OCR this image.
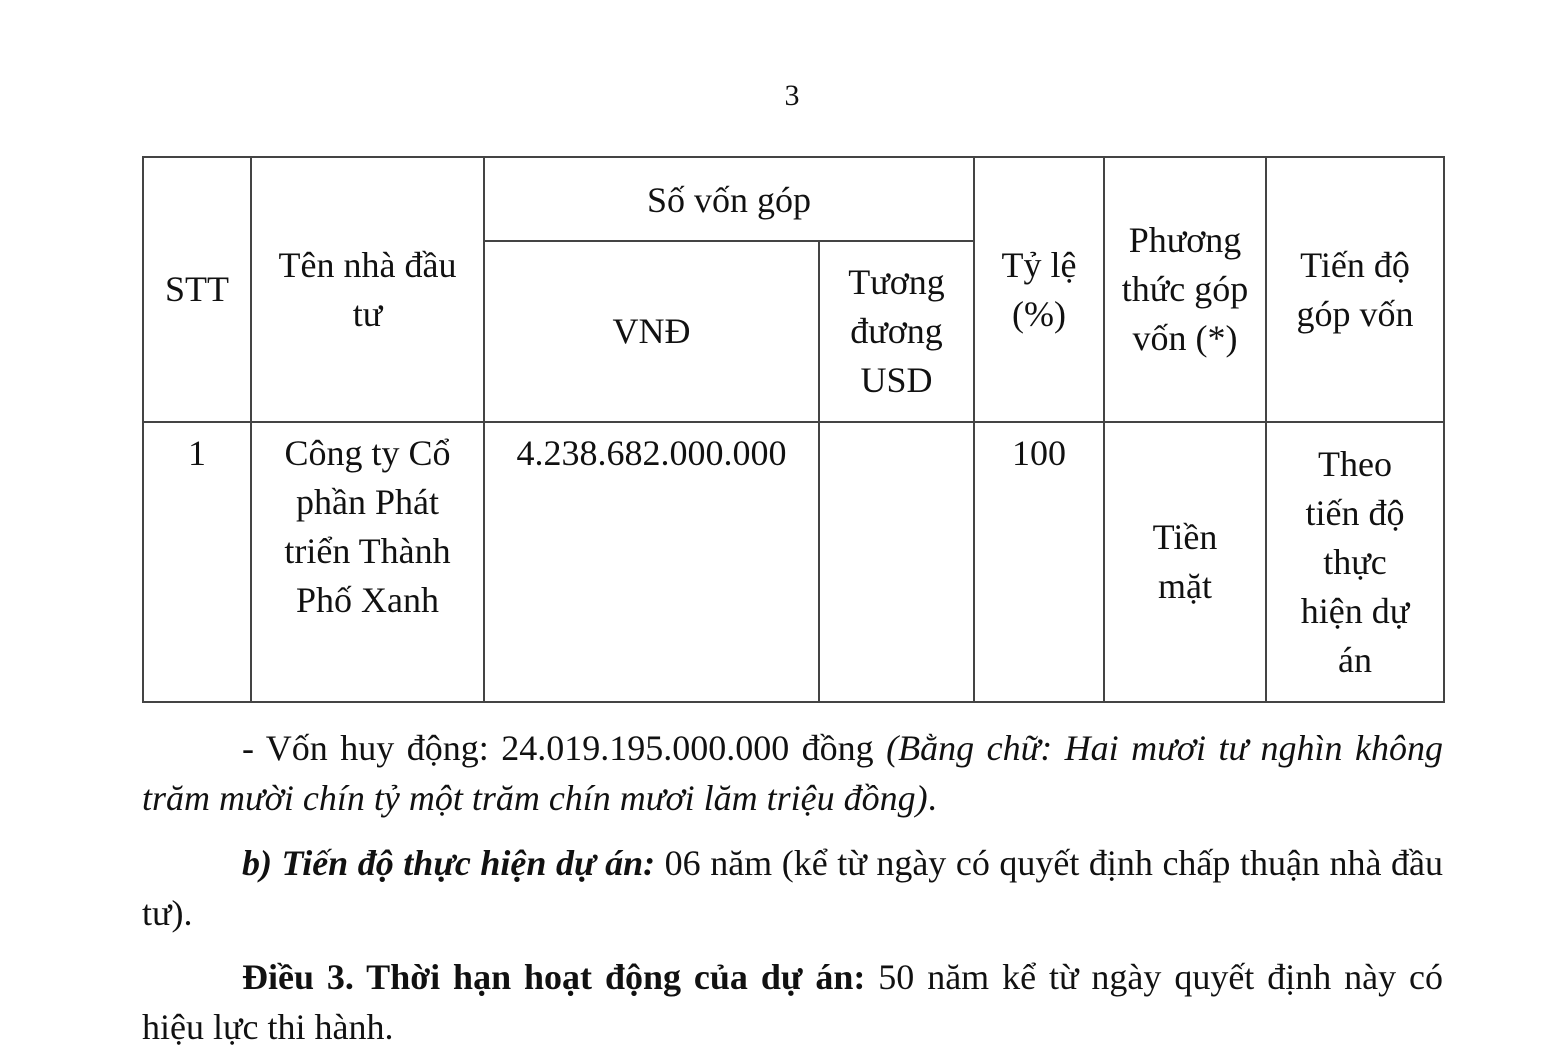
3
STT	Tên nhà đầu tư	Số vốn góp		Tỷ lệ (%)	Phương thức góp vốn (*)	Tiến độ góp vốn
		VNĐ	Tương đương USD			
1	Công ty Cổ phần Phát triển Thành Phố Xanh	4.238.682.000.000		100	Tiền mặt	Theo tiến độ thực hiện dự án
- Vốn huy động: 24.019.195.000.000 đồng (Bằng chữ: Hai mươi tư nghìn không trăm mười chín tỷ một trăm chín mươi lăm triệu đồng).
b) Tiến độ thực hiện dự án: 06 năm (kể từ ngày có quyết định chấp thuận nhà đầu tư).
Điều 3. Thời hạn hoạt động của dự án: 50 năm kể từ ngày quyết định này có hiệu lực thi hành.
